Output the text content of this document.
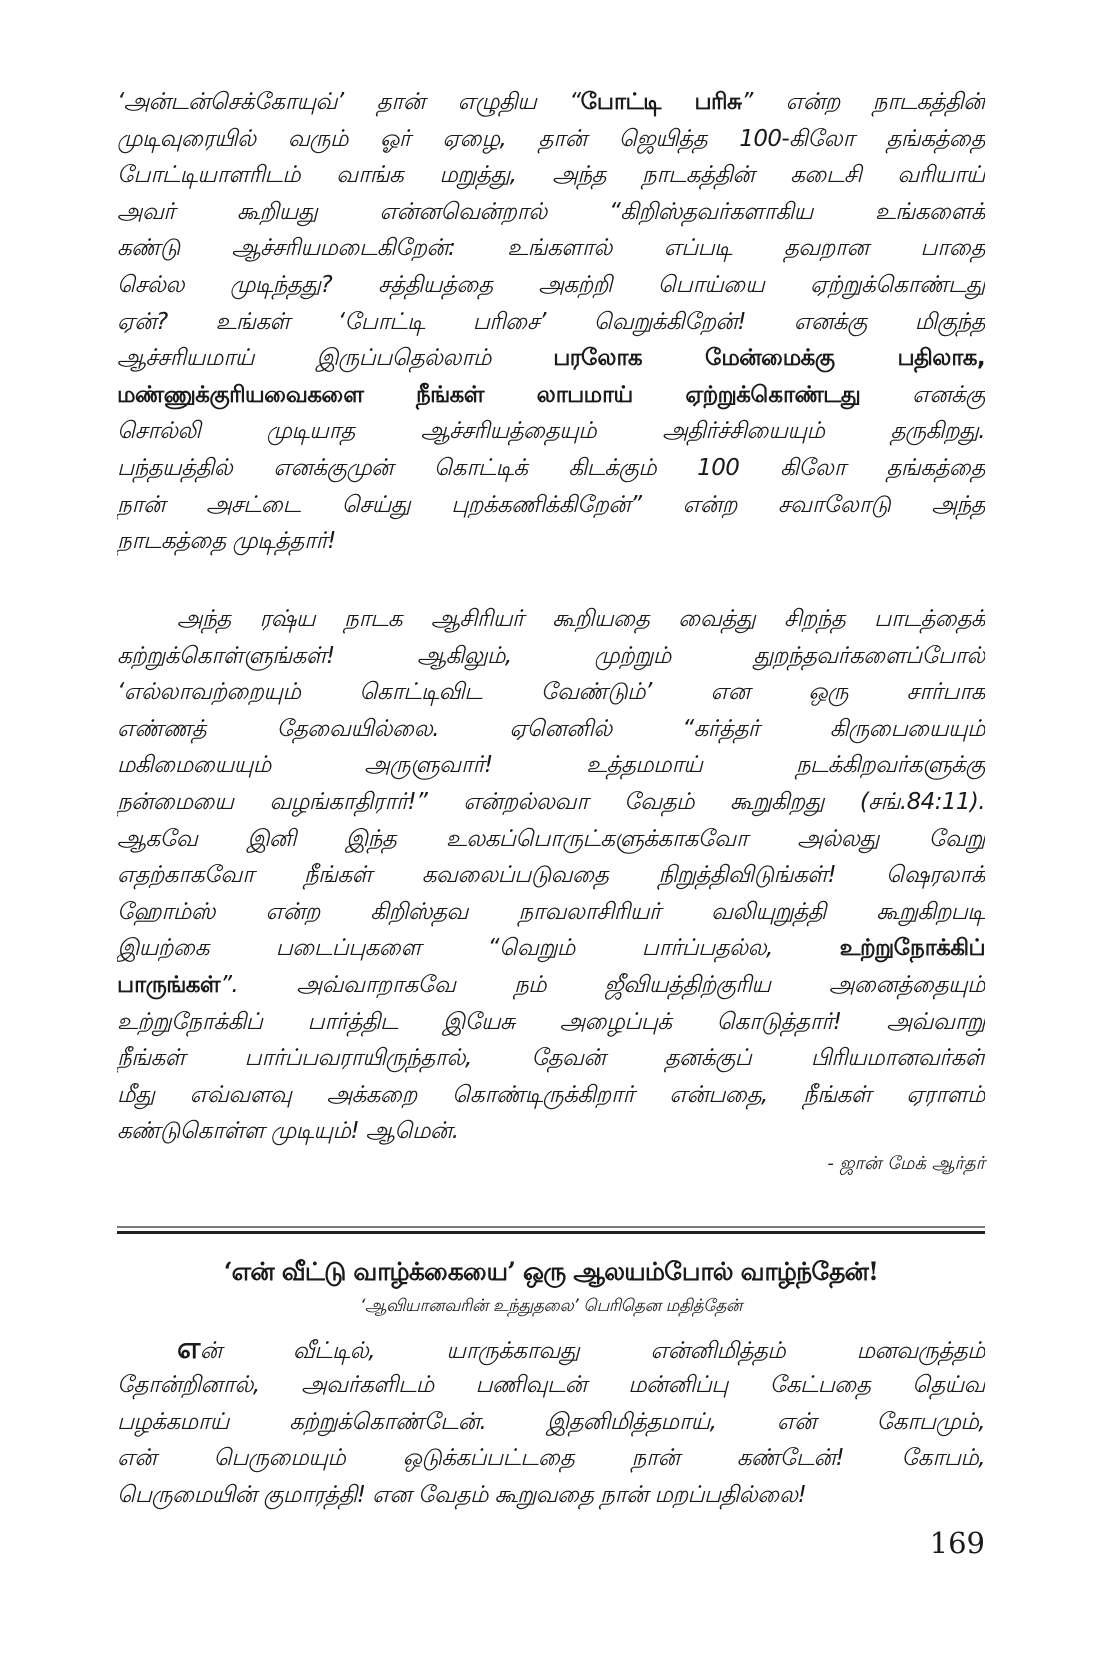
‘அன்டன்செக்கோயுவ்’ தான் எழுதிய “போட்டி பரிசு” என்ற நாடகத்தின்
முடிவுரையில் வரும் ஓர் ஏழை, தான் ஜெயித்த 100-கிலோ தங்கத்தை
போட்டியாளரிடம் வாங்க மறுத்து, அந்த நாடகத்தின் கடைசி வரியாய்
அவர் கூறியது என்னவென்றால் “கிறிஸ்தவர்களாகிய உங்களைக்
கண்டு ஆச்சரியமடைகிறேன்: உங்களால் எப்படி தவறான பாதை
செல்ல முடிந்தது? சத்தியத்தை அகற்றி பொய்யை ஏற்றுக்கொண்டது
ஏன்? உங்கள் ‘போட்டி பரிசை’ வெறுக்கிறேன்! எனக்கு மிகுந்த
ஆச்சரியமாய் இருப்பதெல்லாம் பரலோக மேன்மைக்கு பதிலாக,
மண்ணுக்குரியவைகளை நீங்கள் லாபமாய் ஏற்றுக்கொண்டது எனக்கு
சொல்லி முடியாத ஆச்சரியத்தையும் அதிர்ச்சியையும் தருகிறது.
பந்தயத்தில் எனக்குமுன் கொட்டிக் கிடக்கும் 100 கிலோ தங்கத்தை
நான் அசட்டை செய்து புறக்கணிக்கிறேன்” என்ற சவாலோடு அந்த
நாடகத்தை முடித்தார்!
அந்த ரஷ்ய நாடக ஆசிரியர் கூறியதை வைத்து சிறந்த பாடத்தைக்
கற்றுக்கொள்ளுங்கள்! ஆகிலும், முற்றும் துறந்தவர்களைப்போல்
‘எல்லாவற்றையும் கொட்டிவிட வேண்டும்’ என ஒரு சார்பாக
எண்ணத் தேவையில்லை. ஏனெனில் “கர்த்தர் கிருபையையும்
மகிமையையும் அருளுவார்! உத்தமமாய் நடக்கிறவர்களுக்கு
நன்மையை வழங்காதிரார்!” என்றல்லவா வேதம் கூறுகிறது (சங்.84:11).
ஆகவே இனி இந்த உலகப்பொருட்களுக்காகவோ அல்லது வேறு
எதற்காகவோ நீங்கள் கவலைப்படுவதை நிறுத்திவிடுங்கள்! ஷெரலாக்
ஹோம்ஸ் என்ற கிறிஸ்தவ நாவலாசிரியர் வலியுறுத்தி கூறுகிறபடி
இயற்கை படைப்புகளை “வெறும் பார்ப்பதல்ல, உற்றுநோக்கிப்
பாருங்கள்”. அவ்வாறாகவே நம் ஜீவியத்திற்குரிய அனைத்தையும்
உற்றுநோக்கிப் பார்த்திட இயேசு அழைப்புக் கொடுத்தார்! அவ்வாறு
நீங்கள் பார்ப்பவராயிருந்தால், தேவன் தனக்குப் பிரியமானவர்கள்
மீது எவ்வளவு அக்கறை கொண்டிருக்கிறார் என்பதை, நீங்கள் ஏராளம்
கண்டுகொள்ள முடியும்! ஆமென்.
- ஜான் மேக் ஆர்தர்
‘என் வீட்டு வாழ்க்கையை’ ஒரு ஆலயம்போல் வாழ்ந்தேன்!
‘ஆவியானவரின் உந்துதலை’ பெரிதென மதித்தேன்
என் வீட்டில், யாருக்காவது என்னிமித்தம் மனவருத்தம்
தோன்றினால், அவர்களிடம் பணிவுடன் மன்னிப்பு கேட்பதை தெய்வ
பழக்கமாய் கற்றுக்கொண்டேன். இதனிமித்தமாய், என் கோபமும்,
என் பெருமையும் ஒடுக்கப்பட்டதை நான் கண்டேன்! கோபம்,
பெருமையின் குமாரத்தி! என வேதம் கூறுவதை நான் மறப்பதில்லை!
169
